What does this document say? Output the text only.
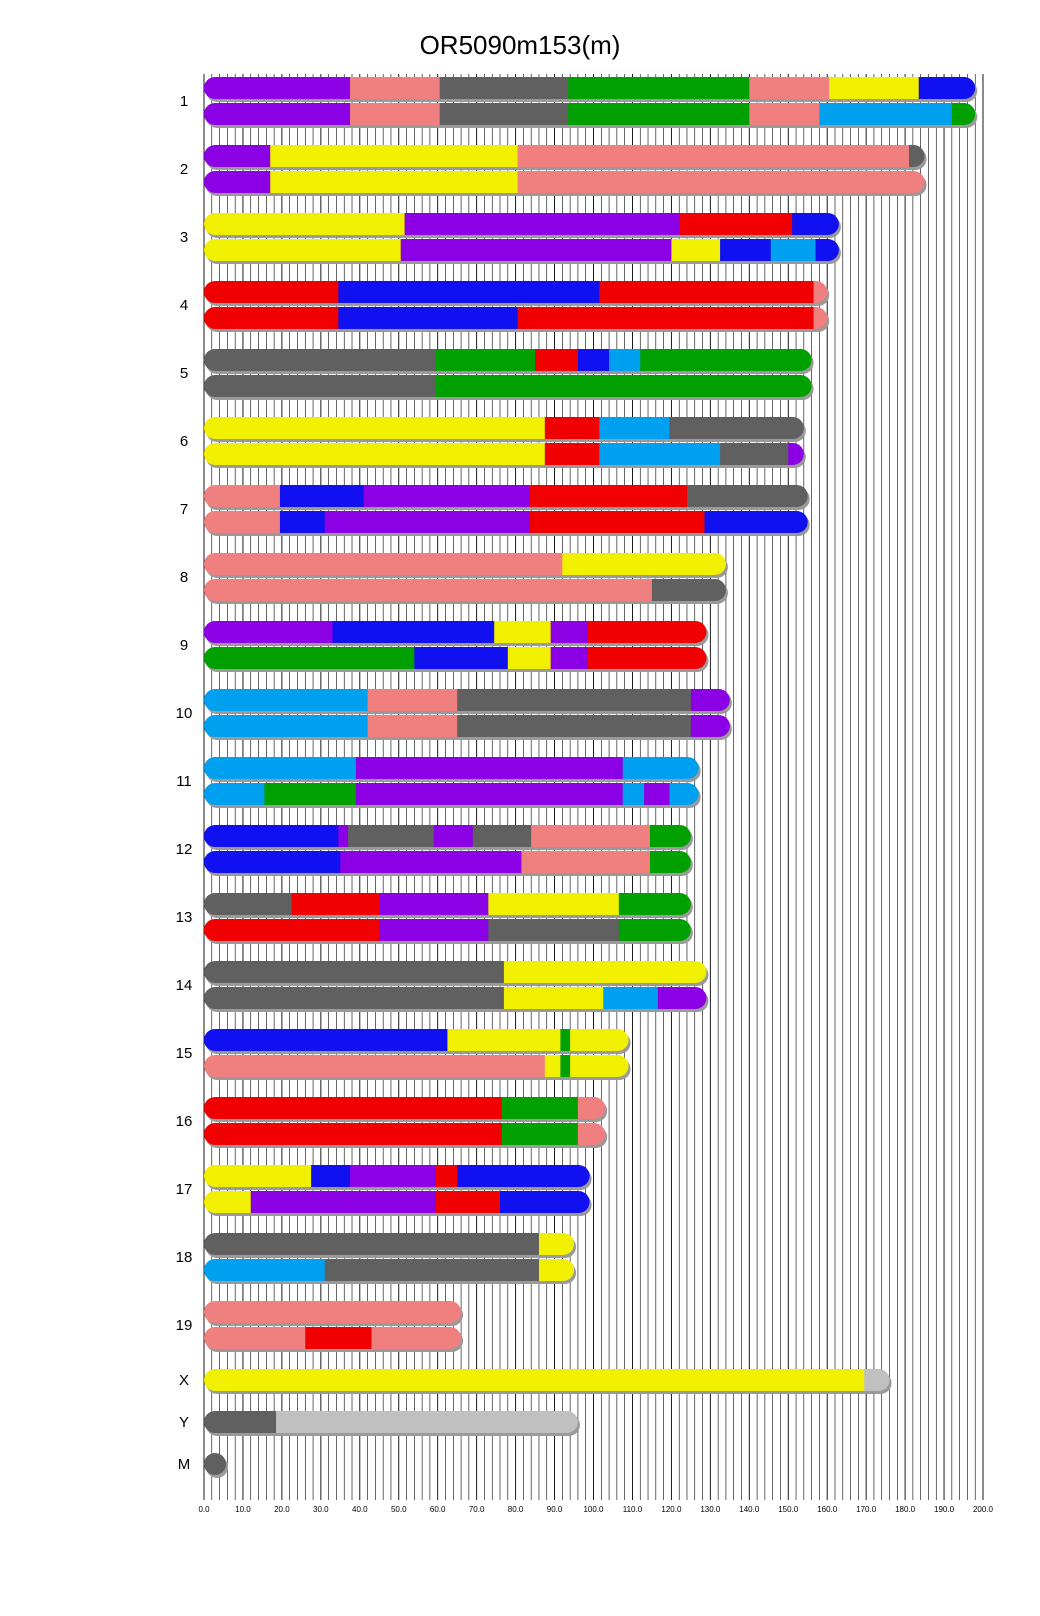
OR5090m153(m)
1
2
3
4
5
6
7
8
9
10
11
12
13
14
15
16
17
18
19
X
Y
M
0.0	10.0	20.0	30.0	40.0	50.0	60.0	70.0	80.0	90.0	100.0 110.0 120.0 130.0 140.0 150.0 160.0 170.0 180.0 190.0 200.0
